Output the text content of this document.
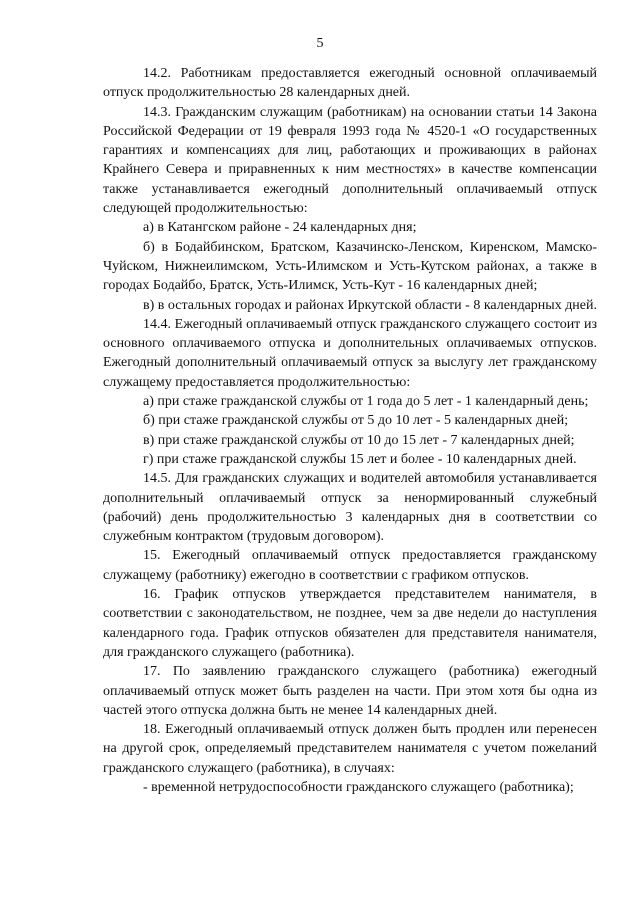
5

14.2. Работникам предоставляется ежегодный основной оплачиваемый отпуск продолжительностью 28 календарных дней.

14.3. Гражданским служащим (работникам) на основании статьи 14 Закона Российской Федерации от 19 февраля 1993 года № 4520-1 «О государственных гарантиях и компенсациях для лиц, работающих и проживающих в районах Крайнего Севера и приравненных к ним местностях» в качестве компенсации также устанавливается ежегодный дополнительный оплачиваемый отпуск следующей продолжительностью:

а) в Катангском районе - 24 календарных дня;

б) в Бодайбинском, Братском, Казачинско-Ленском, Киренском, Мамско-Чуйском, Нижнеилимском, Усть-Илимском и Усть-Кутском районах, а также в городах Бодайбо, Братск, Усть-Илимск, Усть-Кут - 16 календарных дней;

в) в остальных городах и районах Иркутской области - 8 календарных дней.

14.4. Ежегодный оплачиваемый отпуск гражданского служащего состоит из основного оплачиваемого отпуска и дополнительных оплачиваемых отпусков. Ежегодный дополнительный оплачиваемый отпуск за выслугу лет гражданскому служащему предоставляется продолжительностью:

а) при стаже гражданской службы от 1 года до 5 лет - 1 календарный день;

б) при стаже гражданской службы от 5 до 10 лет - 5 календарных дней;

в) при стаже гражданской службы от 10 до 15 лет - 7 календарных дней;

г) при стаже гражданской службы 15 лет и более - 10 календарных дней.

14.5. Для гражданских служащих и водителей автомобиля устанавливается дополнительный оплачиваемый отпуск за ненормированный служебный (рабочий) день продолжительностью 3 календарных дня в соответствии со служебным контрактом (трудовым договором).

15. Ежегодный оплачиваемый отпуск предоставляется гражданскому служащему (работнику) ежегодно в соответствии с графиком отпусков.

16. График отпусков утверждается представителем нанимателя, в соответствии с законодательством, не позднее, чем за две недели до наступления календарного года. График отпусков обязателен для представителя нанимателя, для гражданского служащего (работника).

17. По заявлению гражданского служащего (работника) ежегодный оплачиваемый отпуск может быть разделен на части. При этом хотя бы одна из частей этого отпуска должна быть не менее 14 календарных дней.

18. Ежегодный оплачиваемый отпуск должен быть продлен или перенесен на другой срок, определяемый представителем нанимателя с учетом пожеланий гражданского служащего (работника), в случаях:

- временной нетрудоспособности гражданского служащего (работника);
